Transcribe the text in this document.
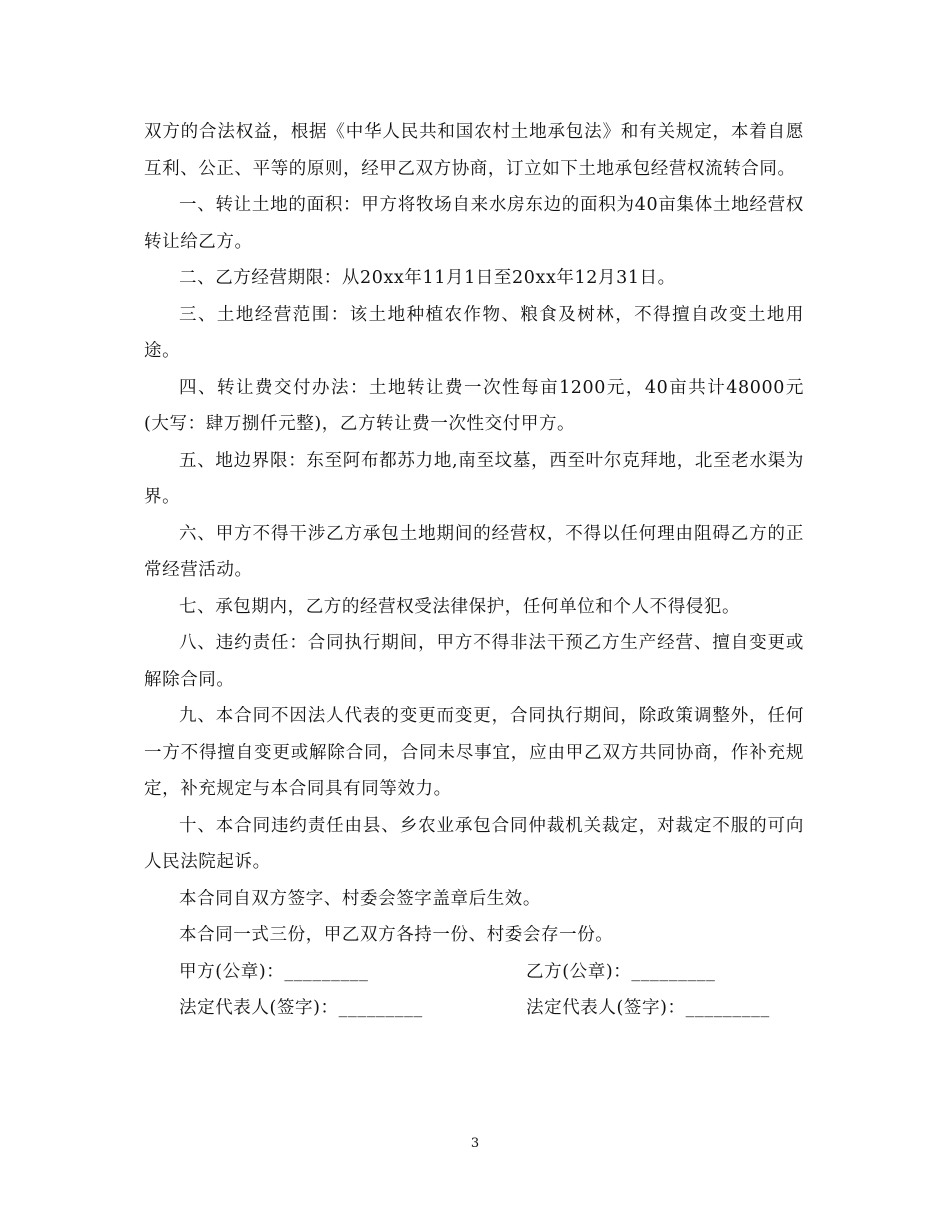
双方的合法权益，根据《中华人民共和国农村土地承包法》和有关规定，本着自愿互利、公正、平等的原则，经甲乙双方协商，订立如下土地承包经营权流转合同。

一、转让土地的面积：甲方将牧场自来水房东边的面积为40亩集体土地经营权转让给乙方。

二、乙方经营期限：从20xx年11月1日至20xx年12月31日。

三、土地经营范围：该土地种植农作物、粮食及树林，不得擅自改变土地用途。

四、转让费交付办法：土地转让费一次性每亩1200元，40亩共计48000元(大写：肆万捌仟元整)，乙方转让费一次性交付甲方。

五、地边界限：东至阿布都苏力地,南至坟墓，西至叶尔克拜地，北至老水渠为界。

六、甲方不得干涉乙方承包土地期间的经营权，不得以任何理由阻碍乙方的正常经营活动。

七、承包期内，乙方的经营权受法律保护，任何单位和个人不得侵犯。

八、违约责任：合同执行期间，甲方不得非法干预乙方生产经营、擅自变更或解除合同。

九、本合同不因法人代表的变更而变更，合同执行期间，除政策调整外，任何一方不得擅自变更或解除合同，合同未尽事宜，应由甲乙双方共同协商，作补充规定，补充规定与本合同具有同等效力。

十、本合同违约责任由县、乡农业承包合同仲裁机关裁定，对裁定不服的可向人民法院起诉。

本合同自双方签字、村委会签字盖章后生效。

本合同一式三份，甲乙双方各持一份、村委会存一份。

甲方(公章)：_________

	乙方(公章)：_________

法定代表人(签字)：_________

	法定代表人(签字)：_________

3
